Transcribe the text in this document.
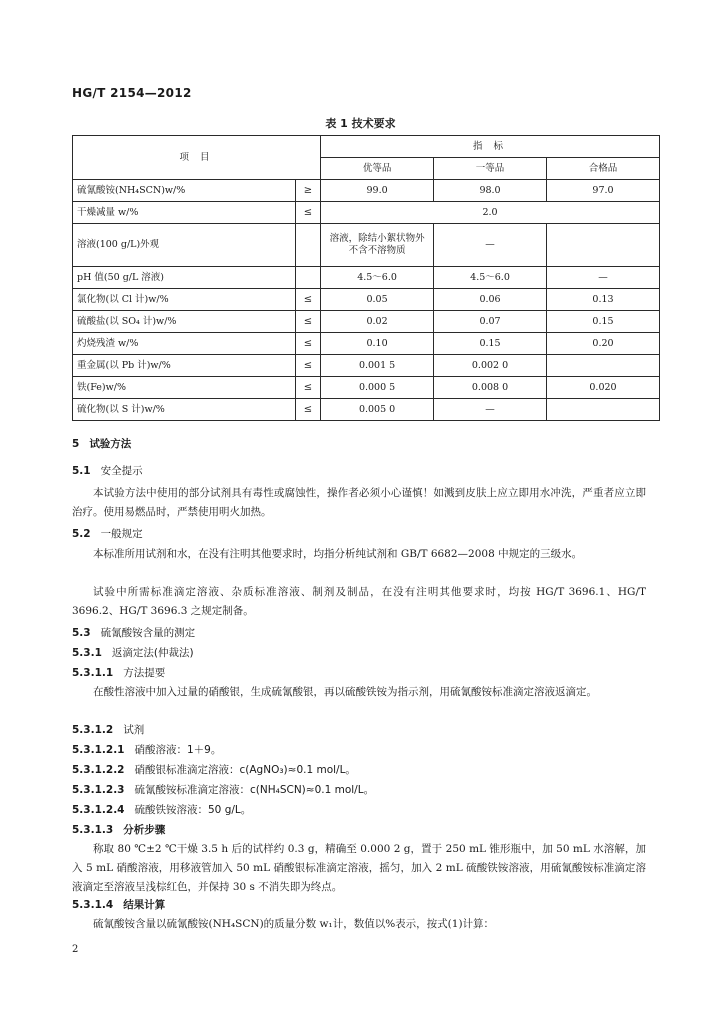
HG/T 2154—2012
表 1 技术要求
项 目		指 标		
		优等品	一等品	合格品
硫氰酸铵(NH₄SCN)w/%	≥	99.0	98.0	97.0
干燥减量 w/%	≤	2.0		
溶液(100 g/L)外观		溶液，除结小絮状物外不含不溶物质	—	
pH 值(50 g/L 溶液)		4.5～6.0	4.5～6.0	—
氯化物(以 Cl 计)w/%	≤	0.05	0.06	0.13
硫酸盐(以 SO₄ 计)w/%	≤	0.02	0.07	0.15
灼烧残渣 w/%	≤	0.10	0.15	0.20
重金属(以 Pb 计)w/%	≤	0.001 5	0.002 0	
铁(Fe)w/%	≤	0.000 5	0.008 0	0.020
硫化物(以 S 计)w/%	≤	0.005 0	—	
5 试验方法
5.1 安全提示
本试验方法中使用的部分试剂具有毒性或腐蚀性，操作者必须小心谨慎！如溅到皮肤上应立即用水冲洗，严重者应立即治疗。使用易燃品时，严禁使用明火加热。
5.2 一般规定
本标准所用试剂和水，在没有注明其他要求时，均指分析纯试剂和 GB/T 6682—2008 中规定的三级水。
试验中所需标准滴定溶液、杂质标准溶液、制剂及制品，在没有注明其他要求时，均按 HG/T 3696.1、HG/T 3696.2、HG/T 3696.3 之规定制备。
5.3 硫氰酸铵含量的测定
5.3.1 返滴定法(仲裁法)
5.3.1.1 方法提要
在酸性溶液中加入过量的硝酸银，生成硫氰酸银，再以硫酸铁铵为指示剂，用硫氰酸铵标准滴定溶液返滴定。
5.3.1.2 试剂
5.3.1.2.1 硝酸溶液：1＋9。
5.3.1.2.2 硝酸银标准滴定溶液：c(AgNO₃)≈0.1 mol/L。
5.3.1.2.3 硫氰酸铵标准滴定溶液：c(NH₄SCN)≈0.1 mol/L。
5.3.1.2.4 硫酸铁铵溶液：50 g/L。
5.3.1.3 分析步骤
称取 80 ℃±2 ℃干燥 3.5 h 后的试样约 0.3 g，精确至 0.000 2 g，置于 250 mL 锥形瓶中，加 50 mL 水溶解，加入 5 mL 硝酸溶液，用移液管加入 50 mL 硝酸银标准滴定溶液，摇匀，加入 2 mL 硫酸铁铵溶液，用硫氰酸铵标准滴定溶液滴定至溶液呈浅棕红色，并保持 30 s 不消失即为终点。
5.3.1.4 结果计算
硫氰酸铵含量以硫氰酸铵(NH₄SCN)的质量分数 w₁计，数值以%表示，按式(1)计算：
2
